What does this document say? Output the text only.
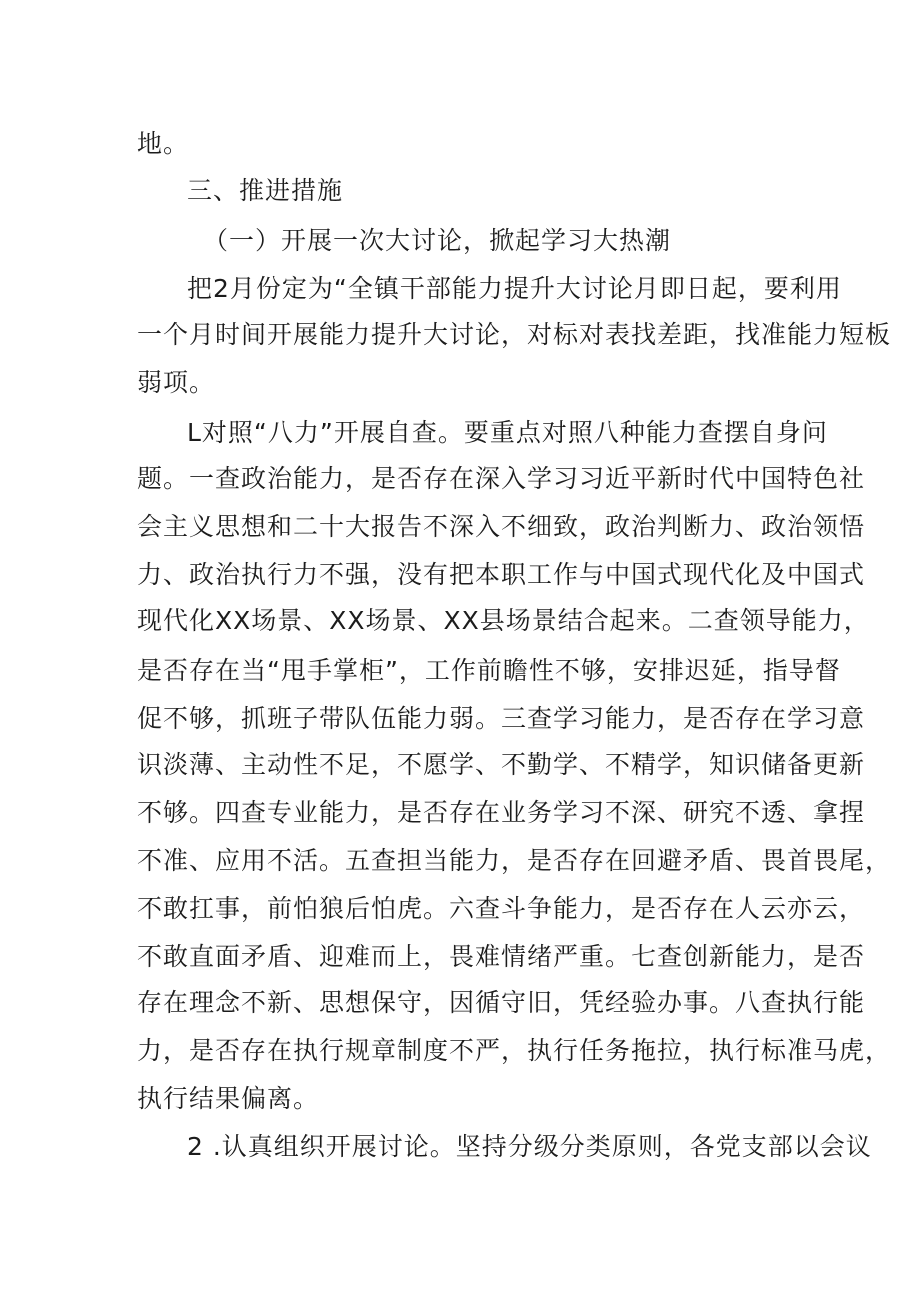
地。
三、推进措施
（一）开展一次大讨论，掀起学习大热潮
把2月份定为“全镇干部能力提升大讨论月即日起，要利用
一个月时间开展能力提升大讨论，对标对表找差距，找准能力短板
弱项。
L对照“八力”开展自查。要重点对照八种能力查摆自身问
题。一查政治能力，是否存在深入学习习近平新时代中国特色社
会主义思想和二十大报告不深入不细致，政治判断力、政治领悟
力、政治执行力不强，没有把本职工作与中国式现代化及中国式
现代化XX场景、XX场景、XX县场景结合起来。二查领导能力，
是否存在当“甩手掌柜”，工作前瞻性不够，安排迟延，指导督
促不够，抓班子带队伍能力弱。三查学习能力，是否存在学习意
识淡薄、主动性不足，不愿学、不勤学、不精学，知识储备更新
不够。四查专业能力，是否存在业务学习不深、研究不透、拿捏
不准、应用不活。五查担当能力，是否存在回避矛盾、畏首畏尾，
不敢扛事，前怕狼后怕虎。六查斗争能力，是否存在人云亦云，
不敢直面矛盾、迎难而上，畏难情绪严重。七查创新能力，是否
存在理念不新、思想保守，因循守旧，凭经验办事。八查执行能
力，是否存在执行规章制度不严，执行任务拖拉，执行标准马虎，
执行结果偏离。
2 .认真组织开展讨论。坚持分级分类原则，各党支部以会议
